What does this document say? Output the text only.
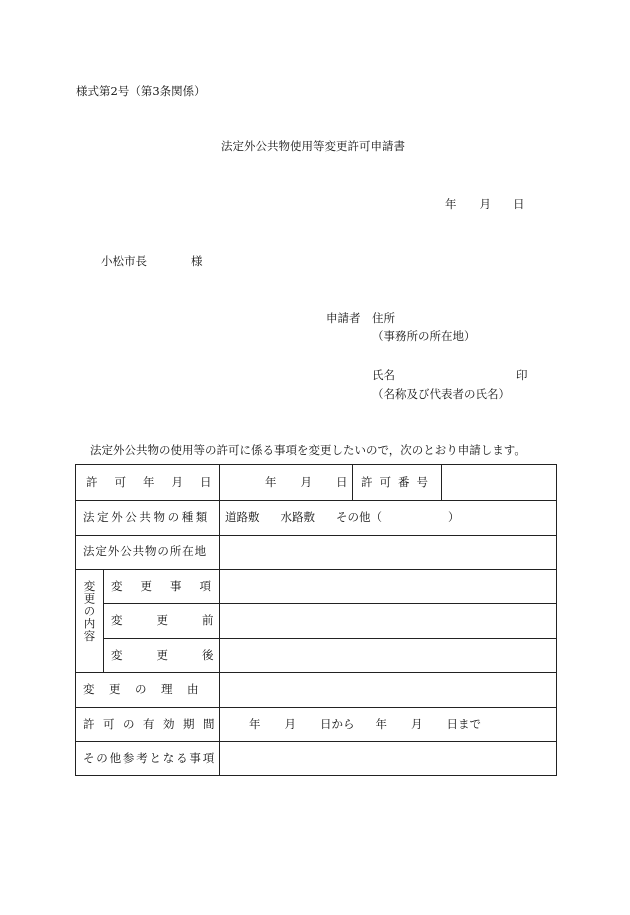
様式第2号（第3条関係）
法定外公共物使用等変更許可申請書
年 月 日
小松市長	様
申請者 住所
（事務所の所在地）
氏名	印
（名称及び代表者の氏名）
法定外公共物の使用等の許可に係る事項を変更したいので，次のとおり申請します。
許可年月日	年 月 日 許可番号
法定外公共物の種類 道路敷 水路敷 その他（	）
法定外公共物の所在地
変更の内容 変更事項
変更前
変更後
変更の理由
許可の有効期間 年 月 日から 年 月 日まで
その他参考となる事項
